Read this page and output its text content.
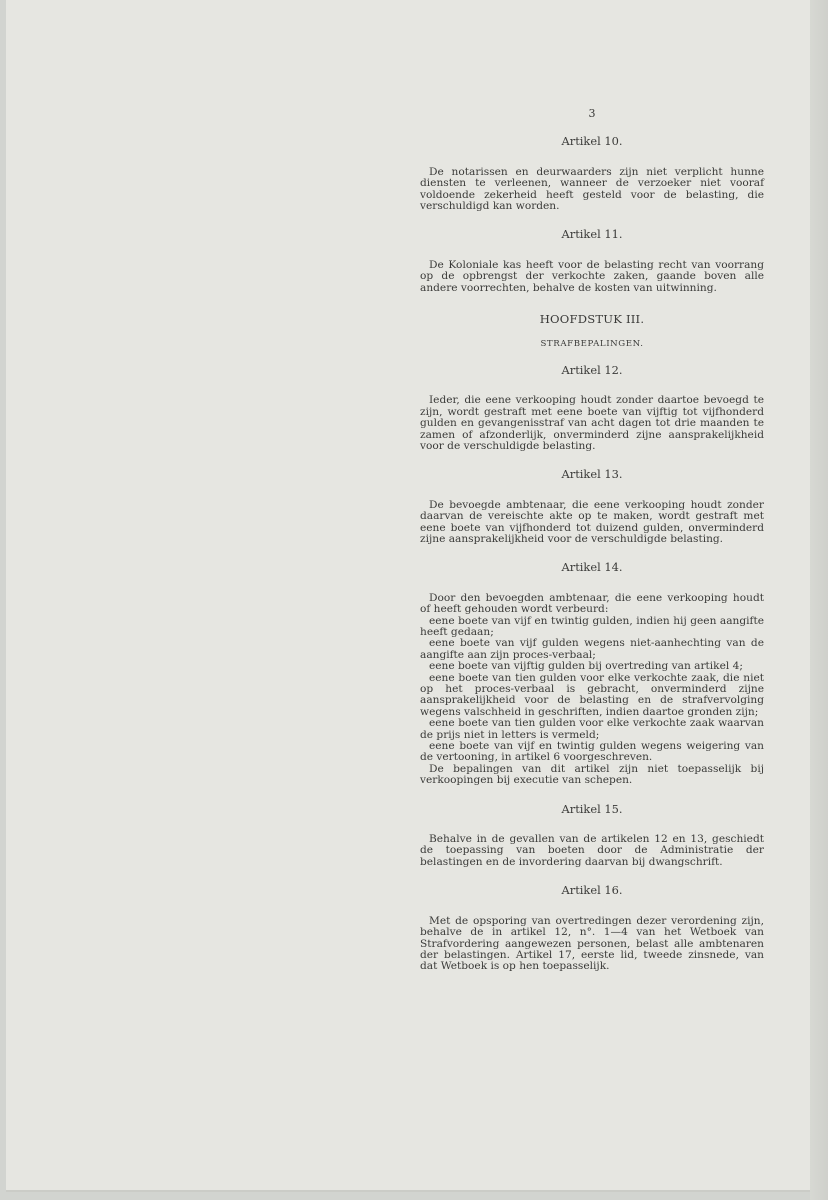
3

Artikel 10.

De notarissen en deurwaarders zijn niet verplicht hunne diensten te verleenen, wanneer de verzoeker niet vooraf voldoende zekerheid heeft gesteld voor de belasting, die verschuldigd kan worden.

Artikel 11.

De Koloniale kas heeft voor de belasting recht van voorrang op de opbrengst der verkochte zaken, gaande boven alle andere voorrechten, behalve de kosten van uitwinning.

HOOFDSTUK III.

STRAFBEPALINGEN.

Artikel 12.

Ieder, die eene verkooping houdt zonder daartoe bevoegd te zijn, wordt gestraft met eene boete van vijftig tot vijfhonderd gulden en gevangenisstraf van acht dagen tot drie maanden te zamen of afzonderlijk, onverminderd zijne aansprakelijkheid voor de verschuldigde belasting.

Artikel 13.

De bevoegde ambtenaar, die eene verkooping houdt zonder daarvan de vereischte akte op te maken, wordt gestraft met eene boete van vijfhonderd tot duizend gulden, onverminderd zijne aansprakelijkheid voor de verschuldigde belasting.

Artikel 14.

Door den bevoegden ambtenaar, die eene verkooping houdt of heeft gehouden wordt verbeurd:

eene boete van vijf en twintig gulden, indien hij geen aangifte heeft gedaan;

eene boete van vijf gulden wegens niet-aanhechting van de aangifte aan zijn proces-verbaal;

eene boete van vijftig gulden bij overtreding van artikel 4;

eene boete van tien gulden voor elke verkochte zaak, die niet op het proces-verbaal is gebracht, onverminderd zijne aansprakelijkheid voor de belasting en de strafvervolging wegens valschheid in geschriften, indien daartoe gronden zijn;

eene boete van tien gulden voor elke verkochte zaak waarvan de prijs niet in letters is vermeld;

eene boete van vijf en twintig gulden wegens weigering van de vertooning, in artikel 6 voorgeschreven.

De bepalingen van dit artikel zijn niet toepasselijk bij verkoopingen bij executie van schepen.

Artikel 15.

Behalve in de gevallen van de artikelen 12 en 13, geschiedt de toepassing van boeten door de Administratie der belastingen en de invordering daarvan bij dwangschrift.

Artikel 16.

Met de opsporing van overtredingen dezer verordening zijn, behalve de in artikel 12, n°. 1—4 van het Wetboek van Strafvordering aangewezen personen, belast alle ambtenaren der belastingen. Artikel 17, eerste lid, tweede zinsnede, van dat Wetboek is op hen toepasselijk.
